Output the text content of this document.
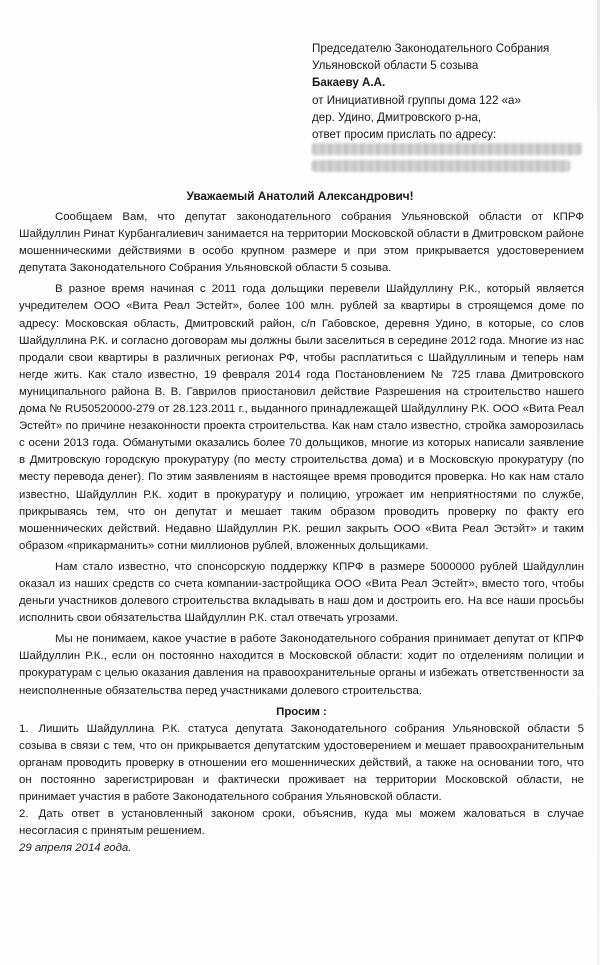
Председателю Законодательного Собрания
Ульяновской области 5 созыва
Бакаеву А.А.
от Инициативной группы дома 122 «а»
дер. Удино, Дмитровского р-на,
ответ просим прислать по адресу:
Уважаемый Анатолий Александрович!

Сообщаем Вам, что депутат законодательного собрания Ульяновской области от КПРФ Шайдуллин Ринат Курбангалиевич занимается на территории Московской области в Дмитровском районе мошенническими действиями в особо крупном размере и при этом прикрывается удостоверением депутата Законодательного Собрания Ульяновской области 5 созыва.

В разное время начиная с 2011 года дольщики перевели Шайдуллину Р.К., который является учредителем ООО «Вита Реал Эстейт», более 100 млн. рублей за квартиры в строящемся доме по адресу: Московская область, Дмитровский район, с/п Габовское, деревня Удино, в которые, со слов Шайдуллина Р.К. и согласно договорам мы должны были заселиться в середине 2012 года. Многие из нас продали свои квартиры в различных регионах РФ, чтобы расплатиться с Шайдуллиным и теперь нам негде жить. Как стало известно, 19 февраля 2014 года Постановлением № 725 глава Дмитровского муниципального района В. В. Гаврилов приостановил действие Разрешения на строительство нашего дома № RU50520000-279 от 28.123.2011 г., выданного принадлежащей Шайдуллину Р.К. ООО «Вита Реал Эстейт» по причине незаконности проекта строительства. Как нам стало известно, стройка заморозилась с осени 2013 года. Обманутыми оказались более 70 дольщиков, многие из которых написали заявление в Дмитровскую городскую прокуратуру (по месту строительства дома) и в Московскую прокуратуру (по месту перевода денег). По этим заявлениям в настоящее время проводится проверка. Но как нам стало известно, Шайдуллин Р.К. ходит в прокуратуру и полицию, угрожает им неприятностями по службе, прикрываясь тем, что он депутат и мешает таким образом проводить проверку по факту его мошеннических действий. Недавно Шайдуллин Р.К. решил закрыть ООО «Вита Реал Эстэйт» и таким образом «прикарманить» сотни миллионов рублей, вложенных дольщиками.

Нам стало известно, что спонсорскую поддержку КПРФ в размере 5000000 рублей Шайдуллин оказал из наших средств со счета компании-застройщика ООО «Вита Реал Эстейт», вместо того, чтобы деньги участников долевого строительства вкладывать в наш дом и достроить его. На все наши просьбы исполнить свои обязательства Шайдуллин Р.К. стал отвечать угрозами.

Мы не понимаем, какое участие в работе Законодательного собрания принимает депутат от КПРФ Шайдуллин Р.К., если он постоянно находится в Московской области: ходит по отделениям полиции и прокуратурам с целью оказания давления на правоохранительные органы и избежать ответственности за неисполненные обязательства перед участниками долевого строительства.

Просим :
1. Лишить Шайдуллина Р.К. статуса депутата Законодательного собрания Ульяновской области 5 созыва в связи с тем, что он прикрывается депутатским удостоверением и мешает правоохранительным органам проводить проверку в отношении его мошеннических действий, а также на основании того, что он постоянно зарегистрирован и фактически проживает на территории Московской области, не принимает участия в работе Законодательного собрания Ульяновской области.
2. Дать ответ в установленный законом сроки, объяснив, куда мы можем жаловаться в случае несогласия с принятым решением.
29 апреля 2014 года.
